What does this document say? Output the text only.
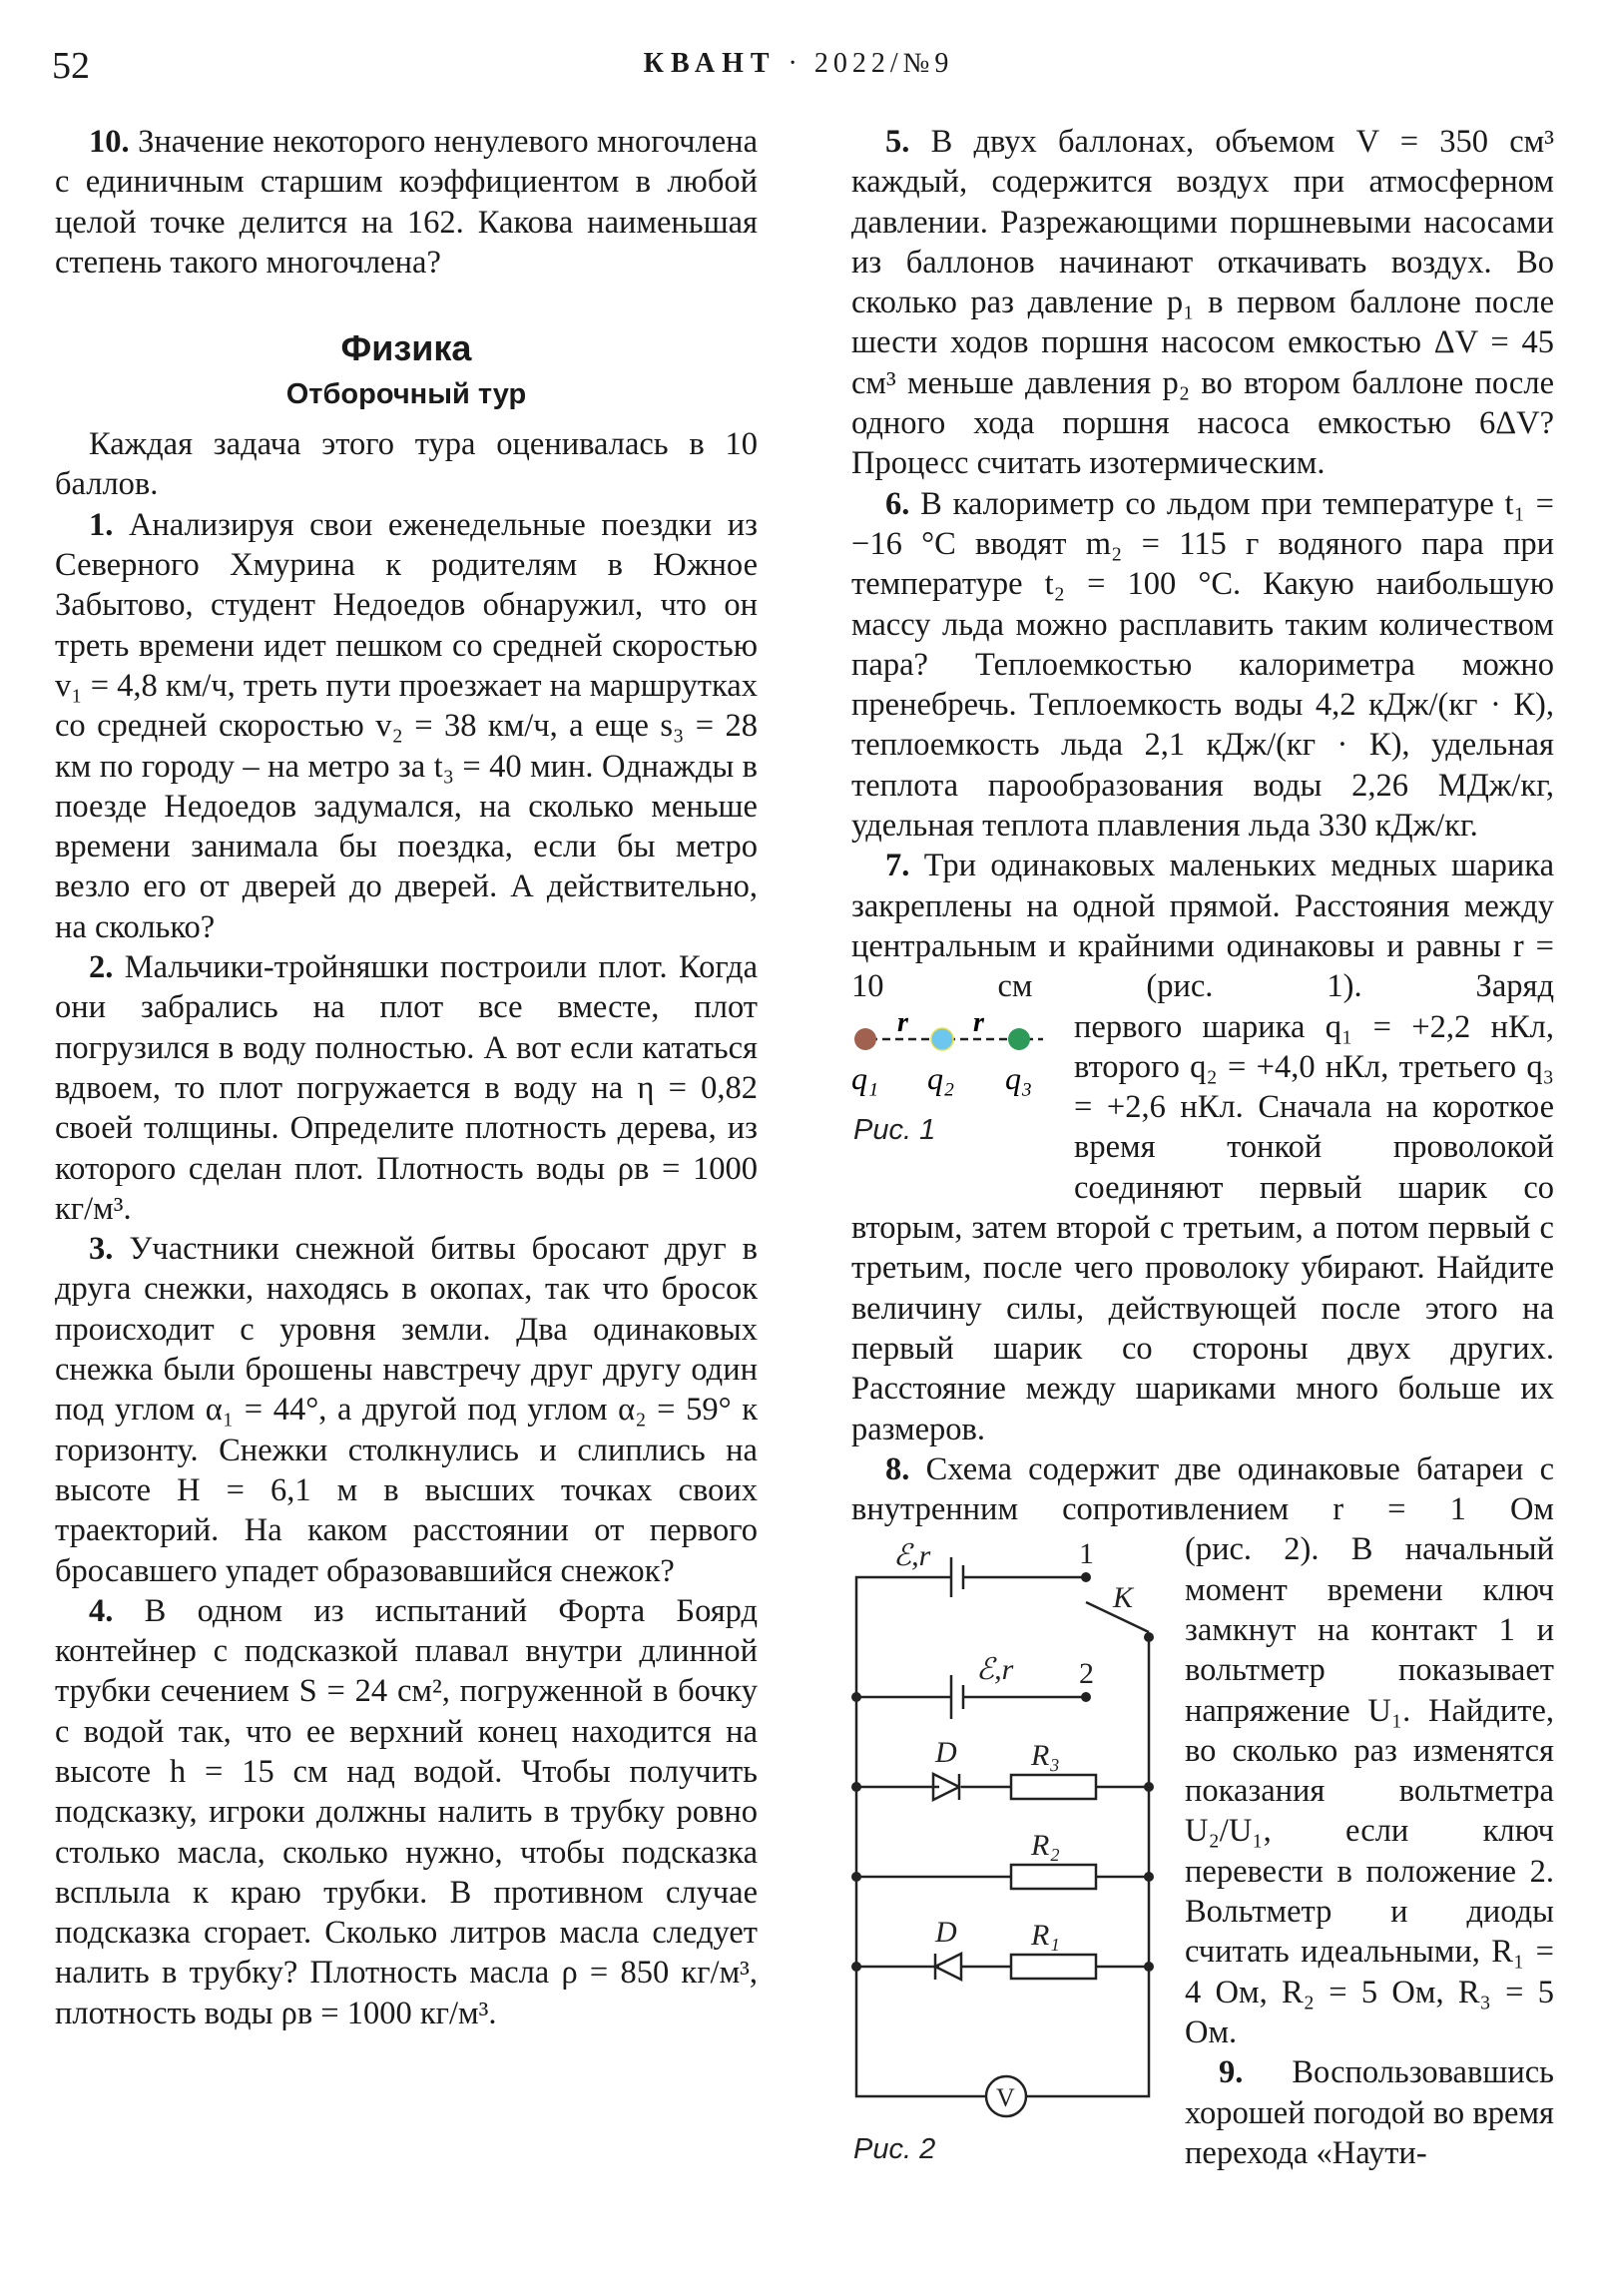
52	КВАНТ · 2022/№9

10. Значение некоторого ненулевого многочлена с единичным старшим коэффициентом в любой целой точке делится на 162. Какова наименьшая степень такого многочлена?

Физика
Отборочный тур

Каждая задача этого тура оценивалась в 10 баллов.

1. Анализируя свои еженедельные поездки из Северного Хмурина к родителям в Южное Забытово, студент Недоедов обнаружил, что он треть времени идет пешком со средней скоростью v₁ = 4,8 км/ч, треть пути проезжает на маршрутках со средней скоростью v₂ = 38 км/ч, а еще s₃ = 28 км по городу – на метро за t₃ = 40 мин. Однажды в поезде Недоедов задумался, на сколько меньше времени занимала бы поездка, если бы метро везло его от дверей до дверей. А действительно, на сколько?

2. Мальчики-тройняшки построили плот. Когда они забрались на плот все вместе, плот погрузился в воду полностью. А вот если кататься вдвоем, то плот погружается в воду на η = 0,82 своей толщины. Определите плотность дерева, из которого сделан плот. Плотность воды ρв = 1000 кг/м³.

3. Участники снежной битвы бросают друг в друга снежки, находясь в окопах, так что бросок происходит с уровня земли. Два одинаковых снежка были брошены навстречу друг другу один под углом α₁ = 44°, а другой под углом α₂ = 59° к горизонту. Снежки столкнулись и слиплись на высоте H = 6,1 м в высших точках своих траекторий. На каком расстоянии от первого бросавшего упадет образовавшийся снежок?

4. В одном из испытаний Форта Боярд контейнер с подсказкой плавал внутри длинной трубки сечением S = 24 см², погруженной в бочку с водой так, что ее верхний конец находится на высоте h = 15 см над водой. Чтобы получить подсказку, игроки должны налить в трубку ровно столько масла, сколько нужно, чтобы подсказка всплыла к краю трубки. В противном случае подсказка сгорает. Сколько литров масла следует налить в трубку? Плотность масла ρ = 850 кг/м³, плотность воды ρв = 1000 кг/м³.

5. В двух баллонах, объемом V = 350 см³ каждый, содержится воздух при атмосферном давлении. Разрежающими поршневыми насосами из баллонов начинают откачивать воздух. Во сколько раз давление p₁ в первом баллоне после шести ходов поршня насосом емкостью ΔV = 45 см³ меньше давления p₂ во втором баллоне после одного хода поршня насоса емкостью 6ΔV? Процесс считать изотермическим.

6. В калориметр со льдом при температуре t₁ = −16 °C вводят m₂ = 115 г водяного пара при температуре t₂ = 100 °C. Какую наибольшую массу льда можно расплавить таким количеством пара? Теплоемкостью калориметра можно пренебречь. Теплоемкость воды 4,2 кДж/(кг · К), теплоемкость льда 2,1 кДж/(кг · К), удельная теплота парообразования воды 2,26 МДж/кг, удельная теплота плавления льда 330 кДж/кг.

7. Три одинаковых маленьких медных шарика закреплены на одной прямой. Расстояния между центральным и крайними одинаковы и равны r = 10 см (рис. 1). Заряд

r r
q₁ q₂ q₃
Рис. 1
первого шарика q₁ = +2,2 нКл, второго q₂ = +4,0 нКл, третьего q₃ = +2,6 нКл. Сначала на короткое время тонкой проволокой соединяют первый шарик со вторым, затем второй с третьим, а потом первый с третьим, после чего проволоку убирают. Найдите величину силы, действующей после этого на первый шарик со стороны двух других. Расстояние между шариками много больше их размеров.

8. Схема содержит две одинаковые батареи с внутренним сопротивлением r = 1 Ом

ℰ,r
ℰ,r
1
2
K
D
D
R₃
R₂
R₁
V
Рис. 2
(рис. 2). В начальный момент времени ключ замкнут на контакт 1 и вольтметр показывает напряжение U₁. Найдите, во сколько раз изменятся показания вольтметра U₂/U₁, если ключ перевести в положение 2. Вольтметр и диоды считать идеальными, R₁ = 4 Ом, R₂ = 5 Ом, R₃ = 5 Ом.

9. Воспользовавшись хорошей погодой во время перехода «Наути-
